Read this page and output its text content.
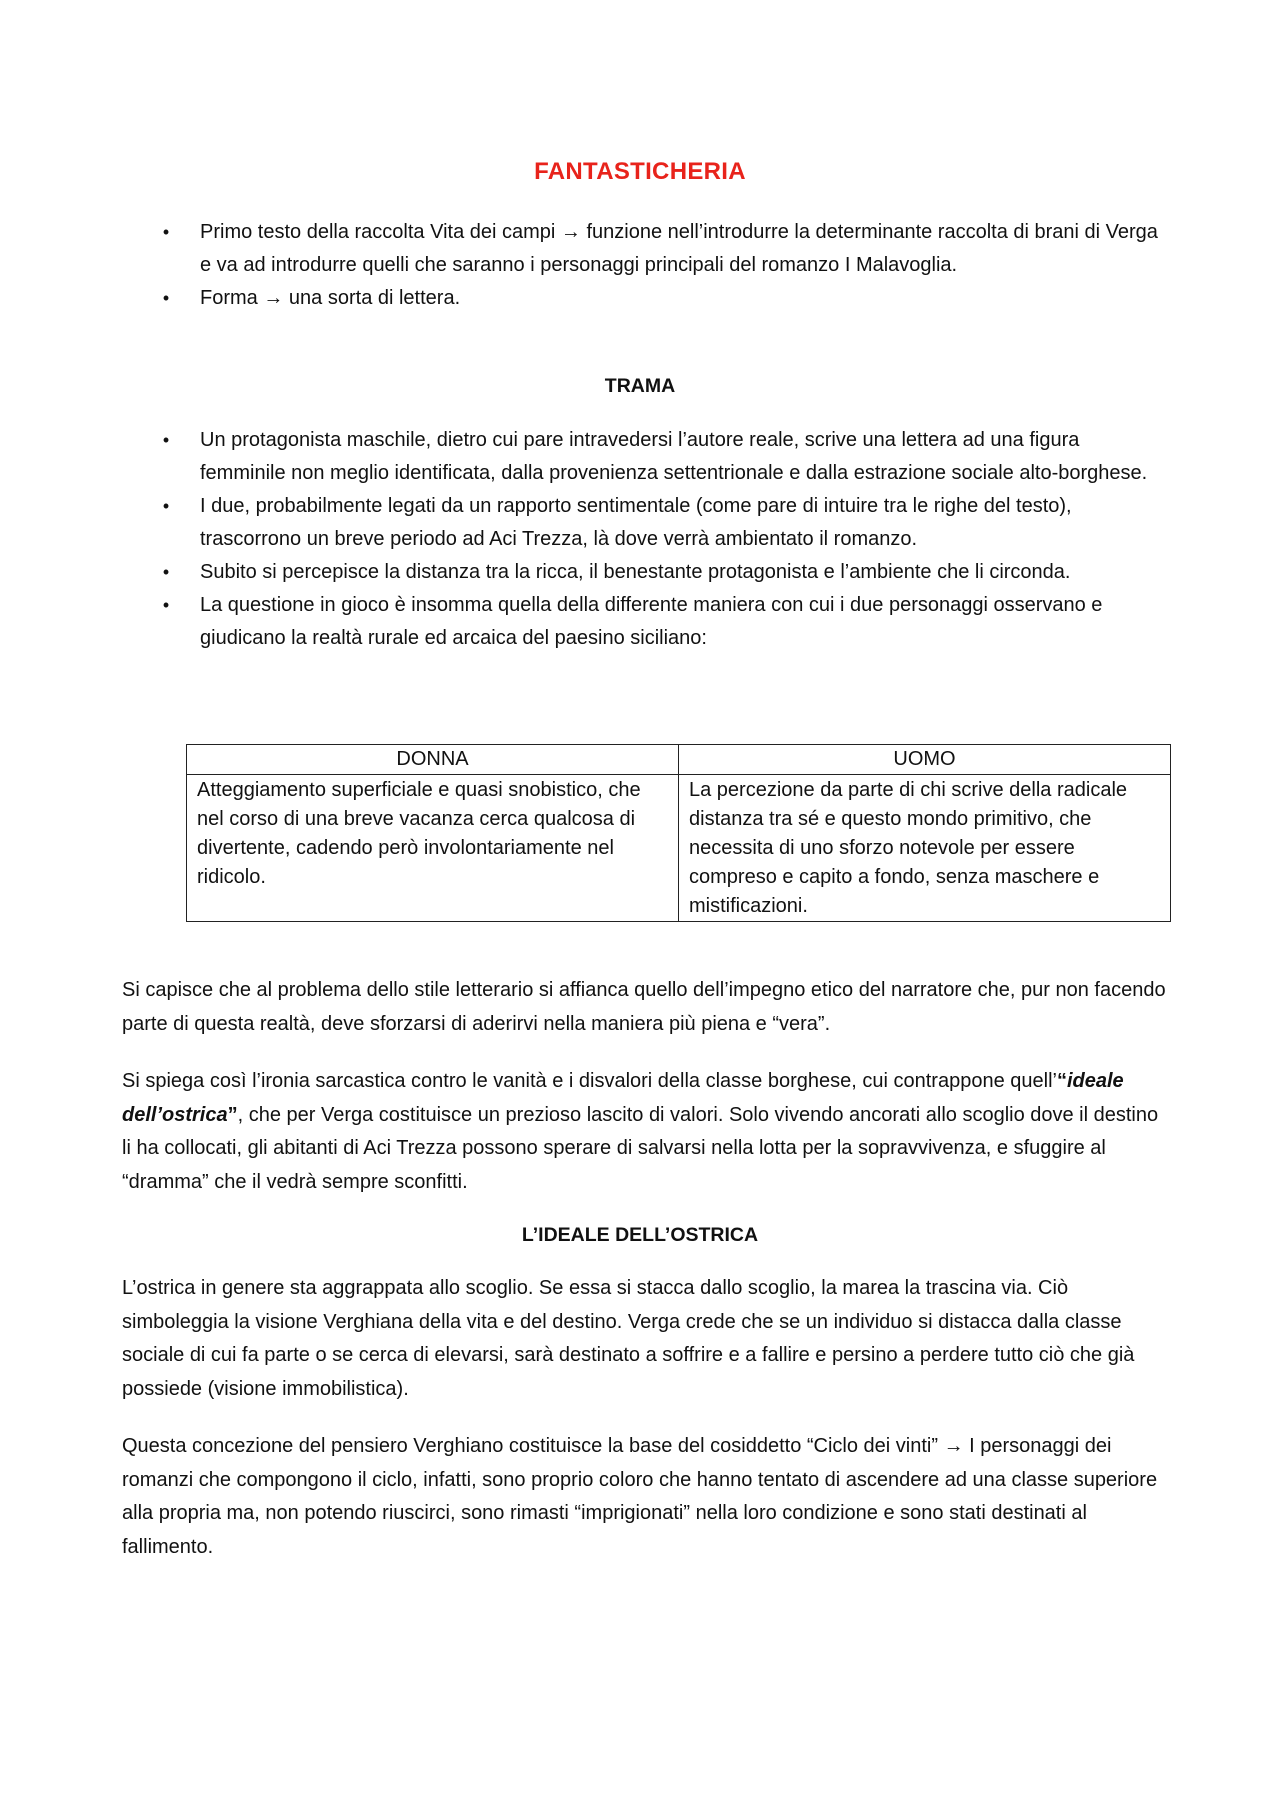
FANTASTICHERIA
• Primo testo della raccolta Vita dei campi → funzione nell’introdurre la determinante raccolta di brani di Verga e va ad introdurre quelli che saranno i personaggi principali del romanzo I Malavoglia.
• Forma → una sorta di lettera.
TRAMA
• Un protagonista maschile, dietro cui pare intravedersi l’autore reale, scrive una lettera ad una figura femminile non meglio identificata, dalla provenienza settentrionale e dalla estrazione sociale alto-borghese.
• I due, probabilmente legati da un rapporto sentimentale (come pare di intuire tra le righe del testo), trascorrono un breve periodo ad Aci Trezza, là dove verrà ambientato il romanzo.
• Subito si percepisce la distanza tra la ricca, il benestante protagonista e l’ambiente che li circonda.
• La questione in gioco è insomma quella della differente maniera con cui i due personaggi osservano e giudicano la realtà rurale ed arcaica del paesino siciliano:
DONNA	UOMO
Atteggiamento superficiale e quasi snobistico, che nel corso di una breve vacanza cerca qualcosa di divertente, cadendo però involontariamente nel ridicolo.	La percezione da parte di chi scrive della radicale distanza tra sé e questo mondo primitivo, che necessita di uno sforzo notevole per essere compreso e capito a fondo, senza maschere e mistificazioni.

Si capisce che al problema dello stile letterario si affianca quello dell’impegno etico del narratore che, pur non facendo parte di questa realtà, deve sforzarsi di aderirvi nella maniera più piena e “vera”.

Si spiega così l’ironia sarcastica contro le vanità e i disvalori della classe borghese, cui contrappone quell’“ideale dell’ostrica”, che per Verga costituisce un prezioso lascito di valori. Solo vivendo ancorati allo scoglio dove il destino li ha collocati, gli abitanti di Aci Trezza possono sperare di salvarsi nella lotta per la sopravvivenza, e sfuggire al “dramma” che il vedrà sempre sconfitti.

L’IDEALE DELL’OSTRICA

L’ostrica in genere sta aggrappata allo scoglio. Se essa si stacca dallo scoglio, la marea la trascina via. Ciò simboleggia la visione Verghiana della vita e del destino. Verga crede che se un individuo si distacca dalla classe sociale di cui fa parte o se cerca di elevarsi, sarà destinato a soffrire e a fallire e persino a perdere tutto ciò che già possiede (visione immobilistica).

Questa concezione del pensiero Verghiano costituisce la base del cosiddetto “Ciclo dei vinti” → I personaggi dei romanzi che compongono il ciclo, infatti, sono proprio coloro che hanno tentato di ascendere ad una classe superiore alla propria ma, non potendo riuscirci, sono rimasti “imprigionati” nella loro condizione e sono stati destinati al fallimento.
